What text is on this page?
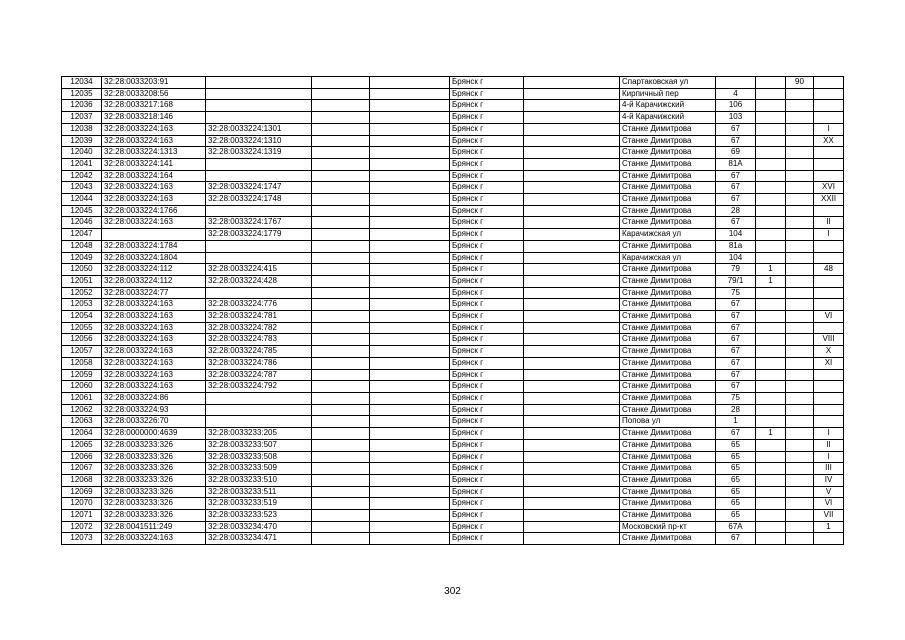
12034	32:28:0033203:91				Брянск г		Спартаковская ул			90	
12035	32:28:0033208:56				Брянск г		Кирпичный пер	4			
12036	32:28:0033217:168				Брянск г		4-й Карачижский	106			
12037	32:28:0033218:146				Брянск г		4-й Карачижский	103			
12038	32:28:0033224:163	32:28:0033224:1301			Брянск г		Станке Димитрова	67			I
12039	32:28:0033224:163	32:28:0033224:1310			Брянск г		Станке Димитрова	67			XX
12040	32:28:0033224:1313	32:28:0033224:1319			Брянск г		Станке Димитрова	69			
12041	32:28:0033224:141				Брянск г		Станке Димитрова	81А			
12042	32:28:0033224:164				Брянск г		Станке Димитрова	67			
12043	32:28:0033224:163	32:28:0033224:1747			Брянск г		Станке Димитрова	67			XVI
12044	32:28:0033224:163	32:28:0033224:1748			Брянск г		Станке Димитрова	67			XXII
12045	32:28:0033224:1766				Брянск г		Станке Димитрова	28			
12046	32:28:0033224:163	32:28:0033224:1767			Брянск г		Станке Димитрова	67			II
12047		32:28:0033224:1779			Брянск г		Карачижская ул	104			I
12048	32:28:0033224:1784				Брянск г		Станке Димитрова	81а			
12049	32:28:0033224:1804				Брянск г		Карачижская ул	104			
12050	32:28:0033224:112	32:28:0033224:415			Брянск г		Станке Димитрова	79	1		48
12051	32:28:0033224:112	32:28:0033224:428			Брянск г		Станке Димитрова	79/1	1		
12052	32:28:0033224:77				Брянск г		Станке Димитрова	75			
12053	32:28:0033224:163	32:28:0033224:776			Брянск г		Станке Димитрова	67			
12054	32:28:0033224:163	32:28:0033224:781			Брянск г		Станке Димитрова	67			VI
12055	32:28:0033224:163	32:28:0033224:782			Брянск г		Станке Димитрова	67			
12056	32:28:0033224:163	32:28:0033224:783			Брянск г		Станке Димитрова	67			VIII
12057	32:28:0033224:163	32:28:0033224:785			Брянск г		Станке Димитрова	67			X
12058	32:28:0033224:163	32:28:0033224:786			Брянск г		Станке Димитрова	67			XI
12059	32:28:0033224:163	32:28:0033224:787			Брянск г		Станке Димитрова	67			
12060	32:28:0033224:163	32:28:0033224:792			Брянск г		Станке Димитрова	67			
12061	32:28:0033224:86				Брянск г		Станке Димитрова	75			
12062	32:28:0033224:93				Брянск г		Станке Димитрова	28			
12063	32:28:0033226:70				Брянск г		Попова ул	1			
12064	32:28:0000000:4639	32:28:0033233:205			Брянск г		Станке Димитрова	67	1		I
12065	32:28:0033233:326	32:28:0033233:507			Брянск г		Станке Димитрова	65			II
12066	32:28:0033233:326	32:28:0033233:508			Брянск г		Станке Димитрова	65			I
12067	32:28:0033233:326	32:28:0033233:509			Брянск г		Станке Димитрова	65			III
12068	32:28:0033233:326	32:28:0033233:510			Брянск г		Станке Димитрова	65			IV
12069	32:28:0033233:326	32:28:0033233:511			Брянск г		Станке Димитрова	65			V
12070	32:28:0033233:326	32:28:0033233:519			Брянск г		Станке Димитрова	65			VI
12071	32:28:0033233:326	32:28:0033233:523			Брянск г		Станке Димитрова	65			VII
12072	32:28:0041511:249	32:28:0033234:470			Брянск г		Московский пр-кт	67А			1
12073	32:28:0033224:163	32:28:0033234:471			Брянск г		Станке Димитрова	67			
302
